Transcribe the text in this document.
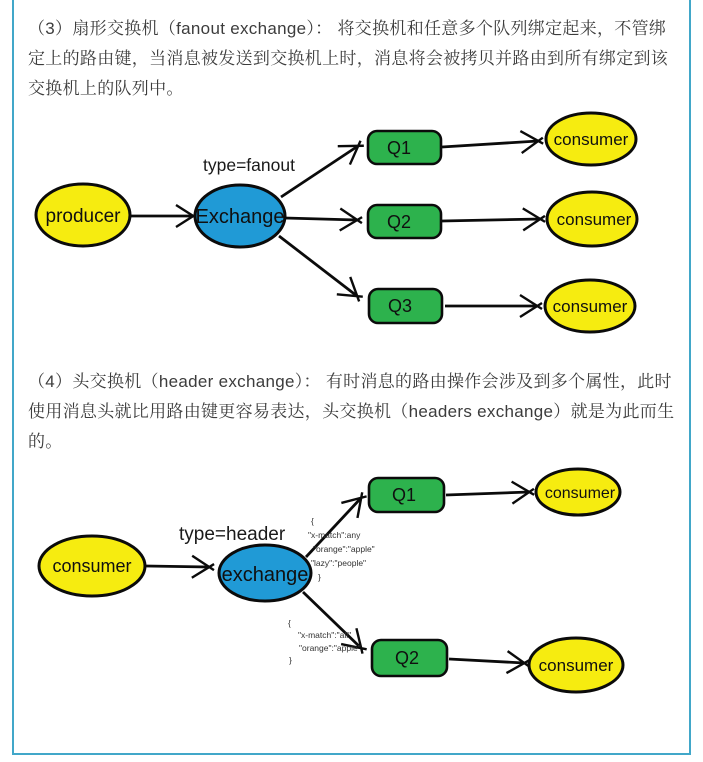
（3）扇形交换机（fanout exchange）： 将交换机和任意多个队列绑定起来，不管绑定上的路由键，当消息被发送到交换机上时，消息将会被拷贝并路由到所有绑定到该交换机上的队列中。

（4）头交换机（header exchange）： 有时消息的路由操作会涉及到多个属性，此时使用消息头就比用路由键更容易表达，头交换机（headers exchange）就是为此而生的。

type=fanout
producer	Exchange
Q1
Q2
Q3
consumer
consumer
consumer
type=header
{
"x-match":any
"orange":"apple"
"lazy":"people"
}
{
"x-match":"all"
"orange":"apple"
}
consumer	exchange
Q1
Q2
consumer
consumer
